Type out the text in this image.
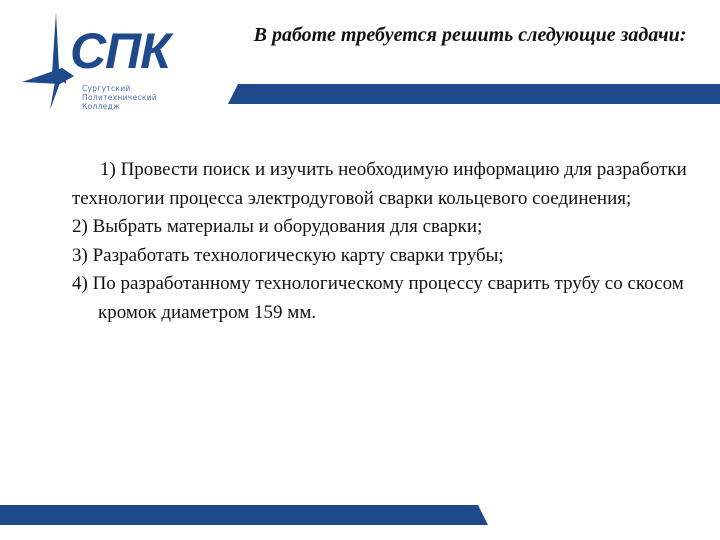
СПК
Сургутский
Политехнический
Колледж
В работе требуется решить следующие задачи:
1) Провести поиск и изучить необходимую информацию для разработки технологии процесса электродуговой сварки кольцевого соединения;
2) Выбрать материалы и оборудования для сварки;
3) Разработать технологическую карту сварки трубы;
4) По разработанному технологическому процессу сварить трубу со скосом кромок диаметром 159 мм.
